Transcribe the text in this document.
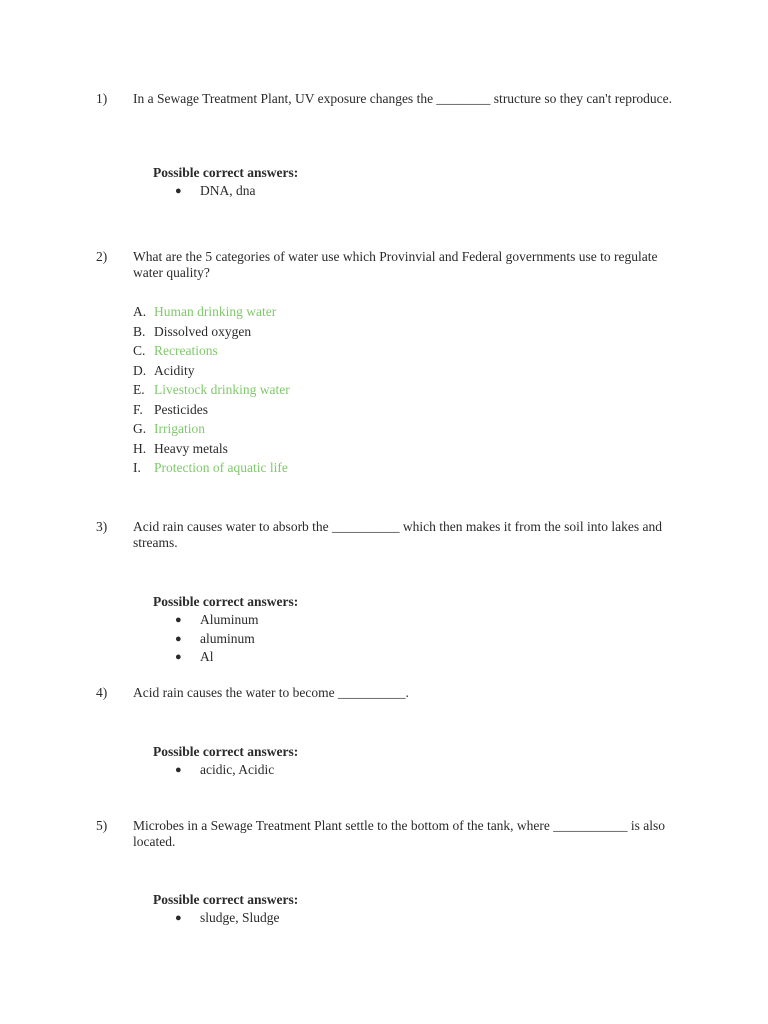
1)	In a Sewage Treatment Plant, UV exposure changes the ________ structure so they can't reproduce.
Possible correct answers:
● DNA, dna
2)	What are the 5 categories of water use which Provinvial and Federal governments use to regulate water quality?
A. Human drinking water
B. Dissolved oxygen
C. Recreations
D. Acidity
E. Livestock drinking water
F. Pesticides
G. Irrigation
H. Heavy metals
I. Protection of aquatic life
3)	Acid rain causes water to absorb the __________ which then makes it from the soil into lakes and streams.
Possible correct answers:
● Aluminum
● aluminum
● Al
4)	Acid rain causes the water to become __________.
Possible correct answers:
● acidic, Acidic
5)	Microbes in a Sewage Treatment Plant settle to the bottom of the tank, where ___________ is also located.
Possible correct answers:
● sludge, Sludge
